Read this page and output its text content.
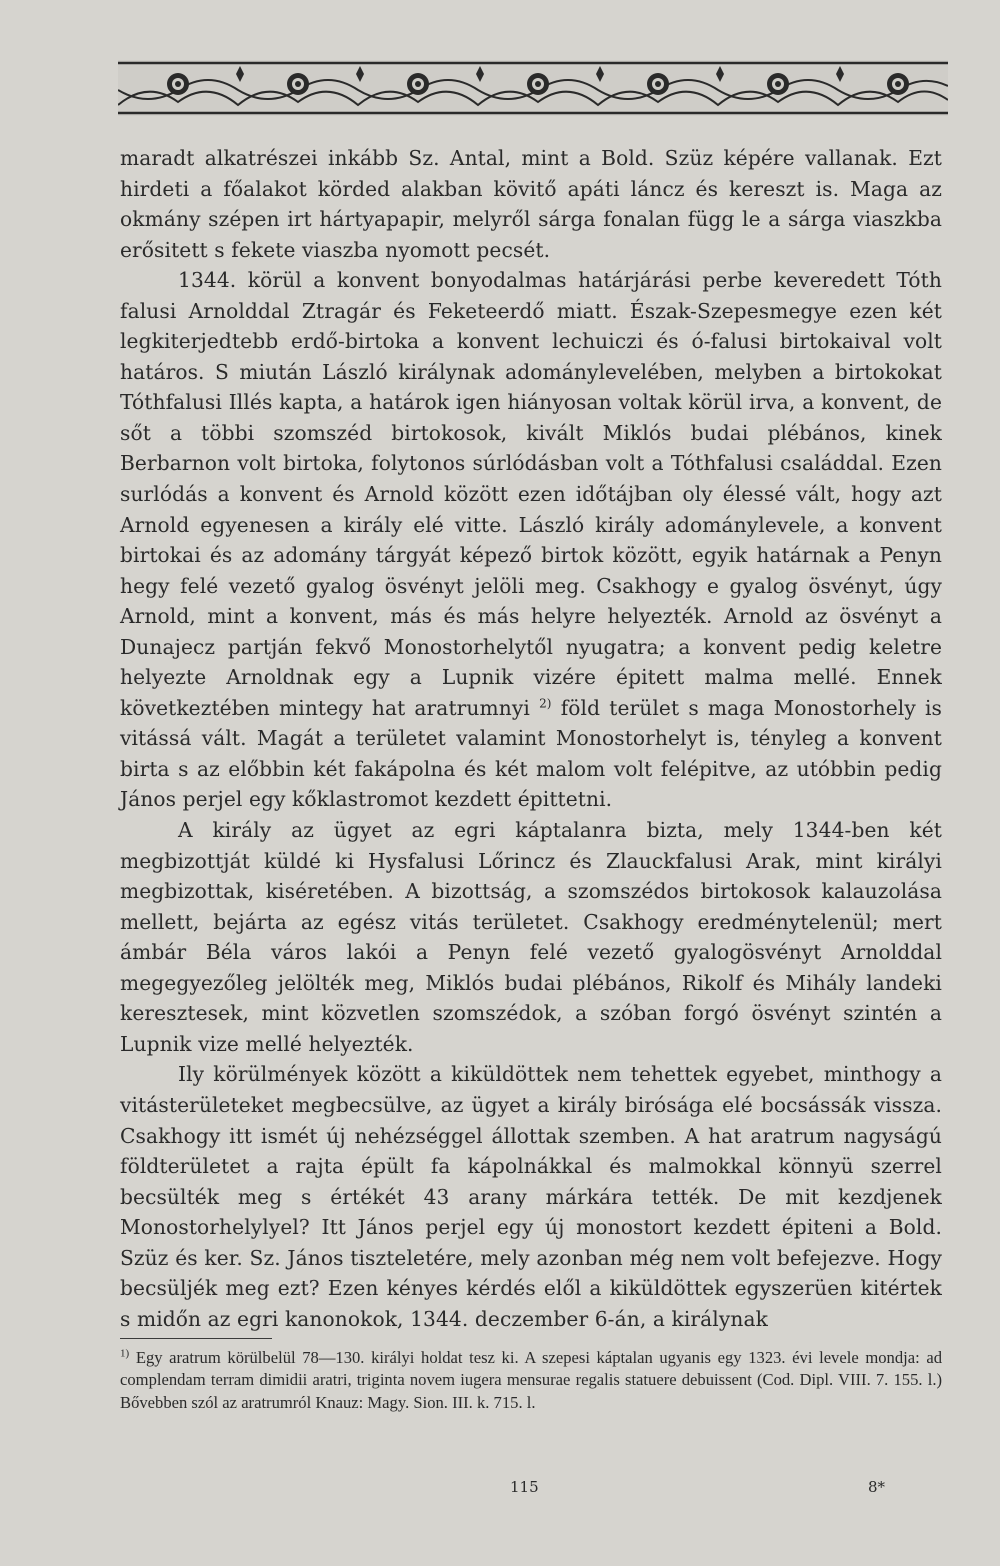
maradt alkatrészei inkább Sz. Antal, mint a Bold. Szüz képére vallanak. Ezt hirdeti a főalakot körded alakban kövitő apáti láncz és kereszt is. Maga az okmány szépen irt hártyapapir, melyről sárga fonalan függ le a sárga viaszkba erősitett s fekete viaszba nyomott pecsét.

1344. körül a konvent bonyodalmas határjárási perbe keveredett Tóth falusi Arnolddal Ztragár és Feketeerdő miatt. Észak-Szepesmegye ezen két legkiterjedtebb erdő-birtoka a konvent lechuiczi és ó-falusi birtokaival volt határos. S miután László királynak adománylevelében, melyben a birtokokat Tóthfalusi Illés kapta, a határok igen hiányosan voltak körül irva, a konvent, de sőt a többi szomszéd birtokosok, kivált Miklós budai plébános, kinek Berbarnon volt birtoka, folytonos súrlódásban volt a Tóthfalusi családdal. Ezen surlódás a konvent és Arnold között ezen időtájban oly élessé vált, hogy azt Arnold egyenesen a király elé vitte. László király adománylevele, a konvent birtokai és az adomány tárgyát képező birtok között, egyik határnak a Penyn hegy felé vezető gyalog ösvényt jelöli meg. Csakhogy e gyalog ösvényt, úgy Arnold, mint a konvent, más és más helyre helyezték. Arnold az ösvényt a Dunajecz partján fekvő Monostorhelytől nyugatra; a konvent pedig keletre helyezte Arnoldnak egy a Lupnik vizére épitett malma mellé. Ennek következtében mintegy hat aratrumnyi $^{2)}$ föld terület s maga Monostorhely is vitássá vált. Magát a területet valamint Monostorhelyt is, tényleg a konvent birta s az előbbin két fakápolna és két malom volt felépitve, az utóbbin pedig János perjel egy kőklastromot kezdett épittetni.

A király az ügyet az egri káptalanra bizta, mely 1344-ben két megbizottját küldé ki Hysfalusi Lőrincz és Zlauckfalusi Arak, mint királyi megbizottak, kiséretében. A bizottság, a szomszédos birtokosok kalauzolása mellett, bejárta az egész vitás területet. Csakhogy eredménytelenül; mert ámbár Béla város lakói a Penyn felé vezető gyalogösvényt Arnolddal megegyezőleg jelölték meg, Miklós budai plébános, Rikolf és Mihály landeki keresztesek, mint közvetlen szomszédok, a szóban forgó ösvényt szintén a Lupnik vize mellé helyezték.

Ily körülmények között a kiküldöttek nem tehettek egyebet, minthogy a vitásterületeket megbecsülve, az ügyet a király birósága elé bocsássák vissza. Csakhogy itt ismét új nehézséggel állottak szemben. A hat aratrum nagyságú földterületet a rajta épült fa kápolnákkal és malmokkal könnyü szerrel becsülték meg s értékét 43 arany márkára tették. De mit kezdjenek Monostorhelylyel? Itt János perjel egy új monostort kezdett épiteni a Bold. Szüz és ker. Sz. János tiszteletére, mely azonban még nem volt befejezve. Hogy becsüljék meg ezt? Ezen kényes kérdés elől a kiküldöttek egyszerüen kitértek s midőn az egri kanonokok, 1344. deczember 6-án, a királynak

$^{1)}$ Egy aratrum körülbelül 78—130. királyi holdat tesz ki. A szepesi káptalan ugyanis egy 1323. évi levele mondja: ad complendam terram dimidii aratri, triginta novem iugera mensurae regalis statuere debuissent (Cod. Dipl. VIII. 7. 155. l.) Bővebben szól az aratrumról Knauz: Magy. Sion. III. k. 715. l.
115	8*
